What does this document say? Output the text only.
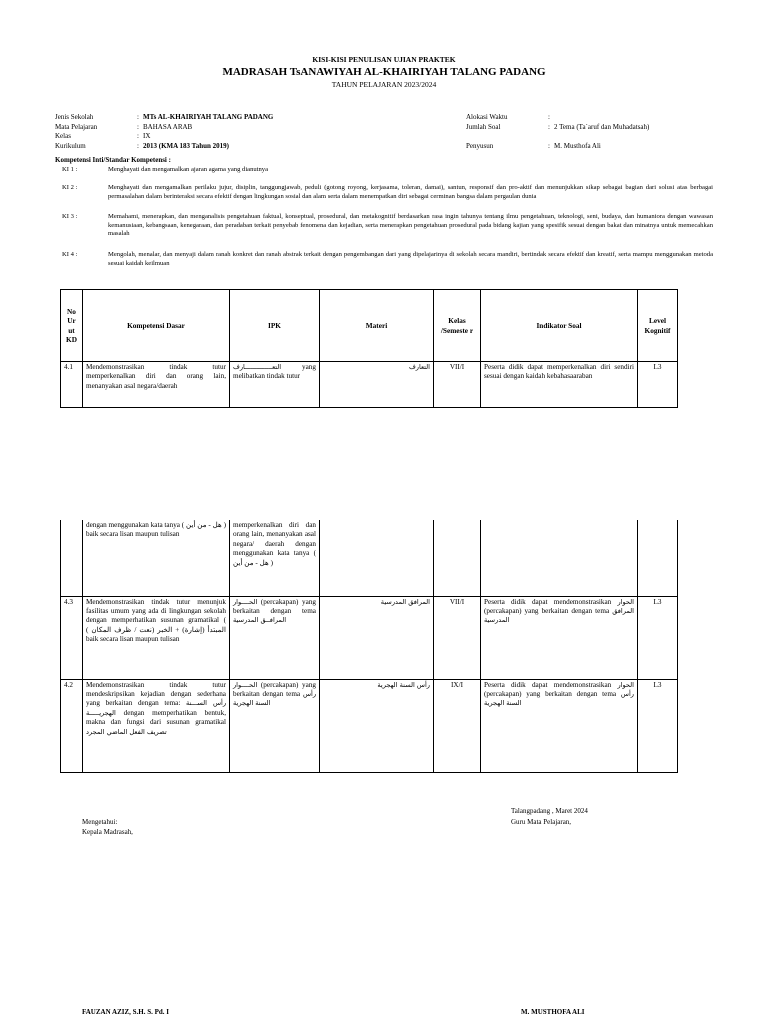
KISI-KISI PENULISAN UJIAN PRAKTEK
MADRASAH TsANAWIYAH AL-KHAIRIYAH TALANG PADANG
TAHUN PELAJARAN 2023/2024
Jenis Sekolah	: MTs AL-KHAIRIYAH TALANG PADANG
Mata Pelajaran	: BAHASA ARAB
Kelas	: IX
Kurikulum	: 2013 (KMA 183 Tahun 2019)
Alokasi Waktu	:
Jumlah Soal	: 2 Tema (Ta`aruf dan Muhadatsah)
Penyusun	: M. Musthofa Ali
Kompetensi Inti/Standar Kompetensi :
KI 1 :	Menghayati dan mengamalkan ajaran agama yang dianutnya
KI 2 :	Menghayati dan mengamalkan perilaku jujur, disiplin, tanggungjawab, peduli (gotong royong, kerjasama, toleran, damai), santun, responsif dan pro-aktif dan menunjukkan sikap sebagai bagian dari solusi atas berbagai permasalahan dalam berinteraksi secara efektif dengan lingkungan sosial dan alam serta dalam menempatkan diri sebagai cerminan bangsa dalam pergaulan dunia
KI 3 :	Memahami, menerapkan, dan menganalisis pengetahuan faktual, konseptual, prosedural, dan metakognitif berdasarkan rasa ingin tahunya tentang ilmu pengetahuan, teknologi, seni, budaya, dan humaniora dengan wawasan kemanusiaan, kebangsaan, kenegaraan, dan peradaban terkait penyebab fenomena dan kejadian, serta menerapkan pengetahuan prosedural pada bidang kajian yang spesifik sesuai dengan bakat dan minatnya untuk memecahkan masalah
KI 4 :	Mengolah, menalar, dan menyaji dalam ranah konkret dan ranah abstrak terkait dengan pengembangan dari yang dipelajarinya di sekolah secara mandiri, bertindak secara efektif dan kreatif, serta mampu menggunakan metoda sesuai kaidah keilmuan
No Ur ut KD	Kompetensi Dasar	IPK	Materi	Kelas /Semeste r	Indikator Soal	Level Kognitif
4.1	Mendemonstrasikan tindak tutur memperkenalkan diri dan orang lain, menanyakan asal negara/daerah	التعــــــــــــــارف yang melibatkan tindak tutur	التعارف	VII/I	Peserta didik dapat memperkenalkan diri sendiri sesuai dengan kaidah kebahasaaraban	L3
	dengan menggunakan kata tanya ( هل - من أين ) baik secara lisan maupun tulisan	memperkenalkan diri dan orang lain, menanyakan asal negara/ daerah dengan menggunakan kata tanya ( هل - من أين )				
4.3	Mendemonstrasikan tindak tutur menunjuk fasilitas umum yang ada di lingkungan sekolah dengan memperhatikan susunan gramatikal ( المبتدأ (إشارة) + الخبر (نعت / ظرف المكان ) baik secara lisan maupun tulisan	الحــــوار (percakapan) yang berkaitan dengan tema المرافــق المدرسية	المرافق المدرسية	VII/I	Peserta didik dapat mendemonstrasikan الحوار (percakapan) yang berkaitan dengan tema المرافق المدرسية	L3
4.2	Mendemonstrasikan tindak tutur mendeskripsikan kejadian dengan sederhana yang berkaitan dengan tema: رأس الســـنة الهجريـــــة dengan memperhatikan bentuk, makna dan fungsi dari susunan gramatikal تصريف الفعل الماضي المجرد	الحــــوار (percakapan) yang berkaitan dengan tema رأس السنة الهجرية	رأس السنة الهجرية	IX/I	Peserta didik dapat mendemonstrasikan الحوار (percakapan) yang berkaitan dengan tema رأس السنة الهجرية	L3
Talangpadang , Maret 2024
Guru Mata Pelajaran,
Mengetahui:
Kepala Madrasah,
FAUZAN AZIZ, S.H. S. Pd. I	M. MUSTHOFA ALI
